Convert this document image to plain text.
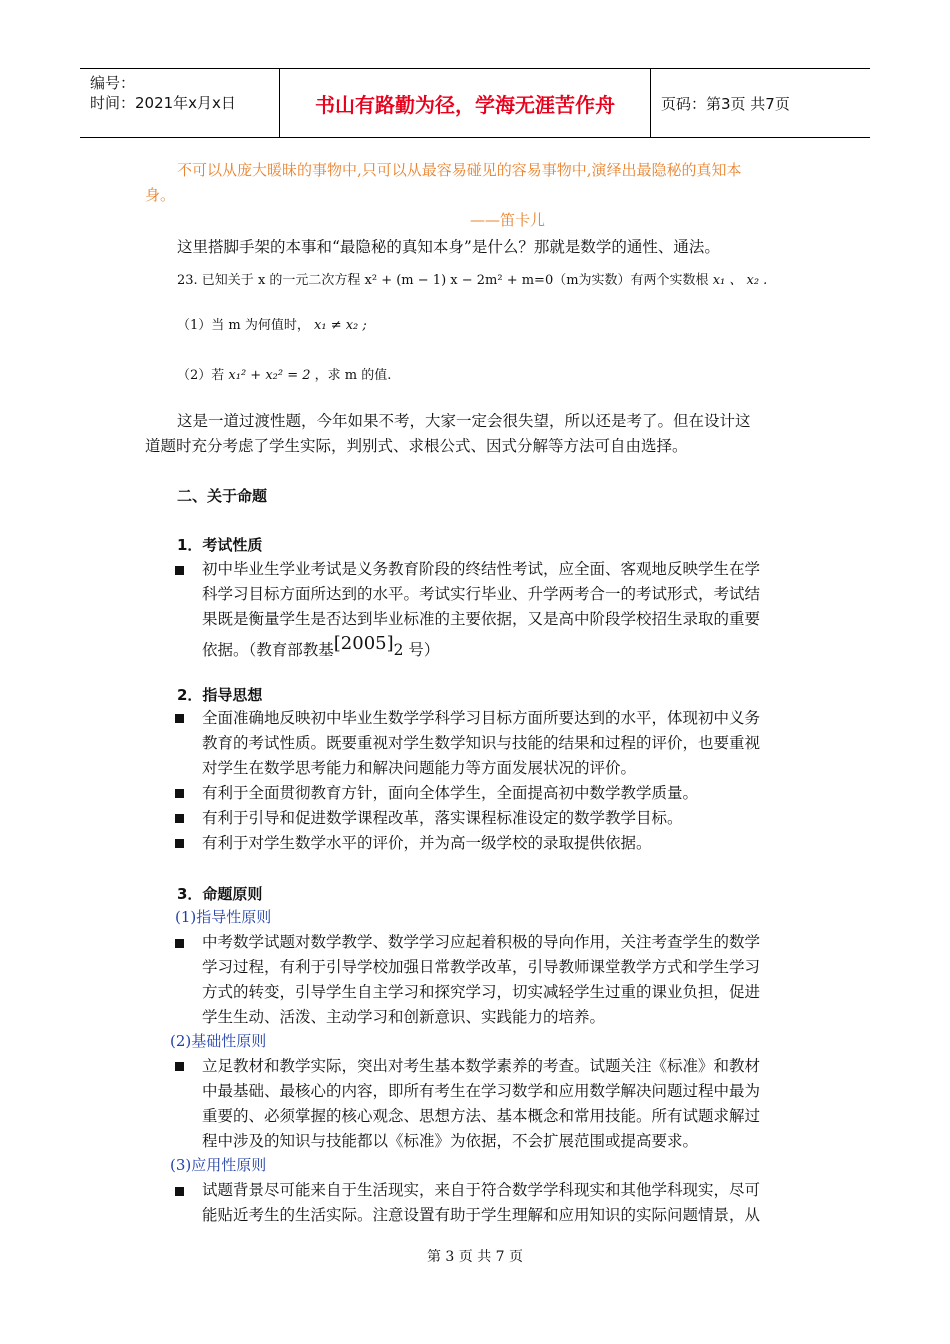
编号：
时间：2021年x月x日	书山有路勤为径，学海无涯苦作舟	页码：第3页 共7页
不可以从庞大暖昧的事物中,只可以从最容易碰见的容易事物中,演绎出最隐秘的真知本
身。
——笛卡儿
这里搭脚手架的本事和“最隐秘的真知本身”是什么？那就是数学的通性、通法。
23. 已知关于 x 的一元二次方程 x² + (m − 1) x − 2m² + m=0（m为实数）有两个实数根 x₁ 、 x₂ .
（1）当 m 为何值时， x₁ ≠ x₂ ;
（2）若 x₁² + x₂² = 2 ，求 m 的值.
这是一道过渡性题，今年如果不考，大家一定会很失望，所以还是考了。但在设计这
道题时充分考虑了学生实际，判别式、求根公式、因式分解等方法可自由选择。
二、关于命题
1．考试性质
初中毕业生学业考试是义务教育阶段的终结性考试，应全面、客观地反映学生在学
科学习目标方面所达到的水平。考试实行毕业、升学两考合一的考试形式，考试结
果既是衡量学生是否达到毕业标准的主要依据，又是高中阶段学校招生录取的重要
依据。（教育部教基[2005]2 号）
2．指导思想
全面准确地反映初中毕业生数学学科学习目标方面所要达到的水平，体现初中义务
教育的考试性质。既要重视对学生数学知识与技能的结果和过程的评价，也要重视
对学生在数学思考能力和解决问题能力等方面发展状况的评价。
有利于全面贯彻教育方针，面向全体学生，全面提高初中数学教学质量。
有利于引导和促进数学课程改革，落实课程标准设定的数学教学目标。
有利于对学生数学水平的评价，并为高一级学校的录取提供依据。
3．命题原则
(1)指导性原则
中考数学试题对数学教学、数学学习应起着积极的导向作用，关注考查学生的数学
学习过程，有利于引导学校加强日常教学改革，引导教师课堂教学方式和学生学习
方式的转变，引导学生自主学习和探究学习，切实减轻学生过重的课业负担，促进
学生生动、活泼、主动学习和创新意识、实践能力的培养。
(2)基础性原则
立足教材和教学实际，突出对考生基本数学素养的考查。试题关注《标准》和教材
中最基础、最核心的内容，即所有考生在学习数学和应用数学解决问题过程中最为
重要的、必须掌握的核心观念、思想方法、基本概念和常用技能。所有试题求解过
程中涉及的知识与技能都以《标准》为依据，不会扩展范围或提高要求。
(3)应用性原则
试题背景尽可能来自于生活现实，来自于符合数学学科现实和其他学科现实，尽可
能贴近考生的生活实际。注意设置有助于学生理解和应用知识的实际问题情景，从
第 3 页 共 7 页
